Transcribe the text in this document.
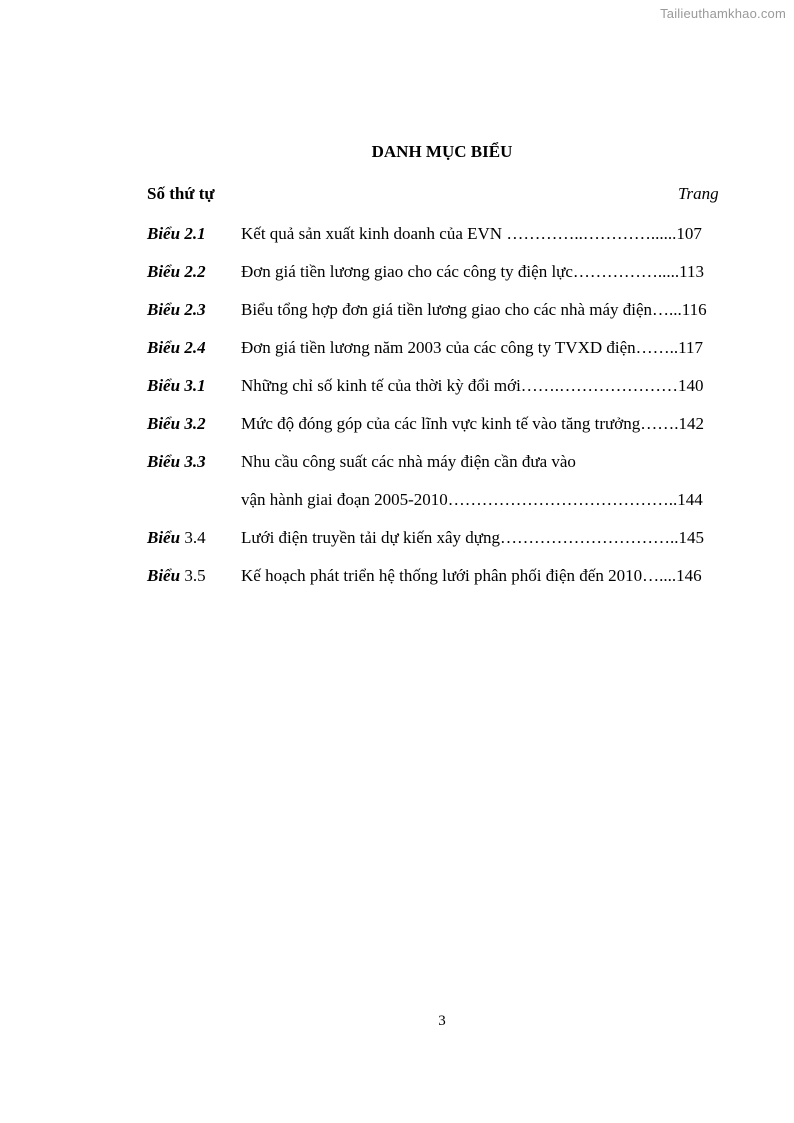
Tailieuthamkhao.com
DANH MỤC BIỂU
Số thứ tự	Trang
Biểu 2.1 Kết quả sản xuất kinh doanh của EVN …………..…………......107
Biểu 2.2 Đơn giá tiền lương giao cho các công ty điện lực…………….....113
Biểu 2.3 Biểu tổng hợp đơn giá tiền lương giao cho các nhà máy điện…...116
Biểu 2.4 Đơn giá tiền lương năm 2003 của các công ty TVXD điện……..117
Biểu 3.1 Những chỉ số kinh tế của thời kỳ đổi mới…….…………………140
Biểu 3.2 Mức độ đóng góp của các lĩnh vực kinh tế vào tăng trưởng…….142
Biểu 3.3 Nhu cầu công suất các nhà máy điện cần đưa vào
vận hành giai đoạn 2005-2010…………………………………..144
Biểu 3.4 Lưới điện truyền tải dự kiến xây dựng…………………………..145
Biểu 3.5 Kế hoạch phát triển hệ thống lưới phân phối điện đến 2010…....146
3
